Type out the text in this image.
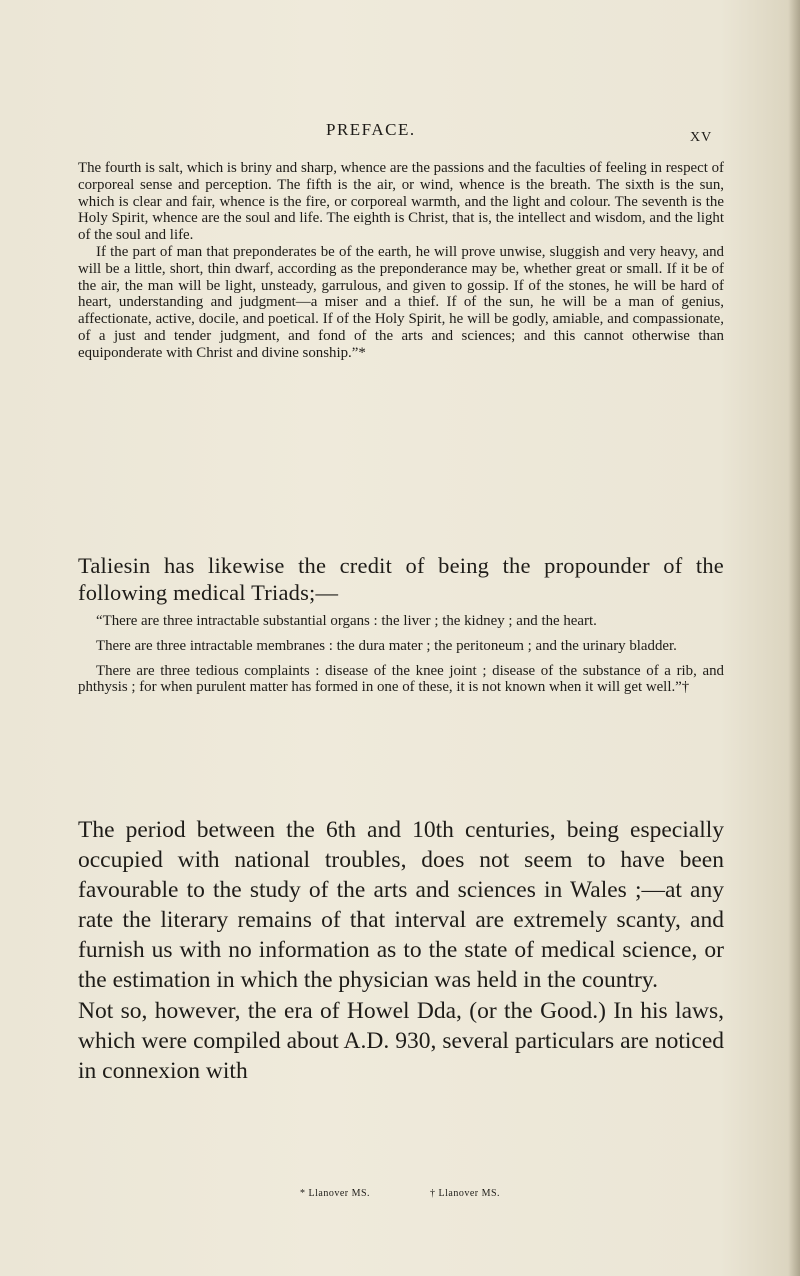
PREFACE.	XV

The fourth is salt, which is briny and sharp, whence are the passions and the faculties of feeling in respect of corporeal sense and perception. The fifth is the air, or wind, whence is the breath. The sixth is the sun, which is clear and fair, whence is the fire, or corporeal warmth, and the light and colour. The seventh is the Holy Spirit, whence are the soul and life. The eighth is Christ, that is, the intellect and wisdom, and the light of the soul and life.

If the part of man that preponderates be of the earth, he will prove unwise, sluggish and very heavy, and will be a little, short, thin dwarf, according as the preponderance may be, whether great or small. If it be of the air, the man will be light, unsteady, garrulous, and given to gossip. If of the stones, he will be hard of heart, understanding and judgment—a miser and a thief. If of the sun, he will be a man of genius, affectionate, active, docile, and poetical. If of the Holy Spirit, he will be godly, amiable, and compassionate, of a just and tender judgment, and fond of the arts and sciences; and this cannot otherwise than equiponderate with Christ and divine sonship.”*

Taliesin has likewise the credit of being the propounder of the following medical Triads;—

“There are three intractable substantial organs : the liver ; the kidney ; and the heart.

There are three intractable membranes : the dura mater ; the peritoneum ; and the urinary bladder.

There are three tedious complaints : disease of the knee joint ; disease of the substance of a rib, and phthysis ; for when purulent matter has formed in one of these, it is not known when it will get well.”†

The period between the 6th and 10th centuries, being especially occupied with national troubles, does not seem to have been favourable to the study of the arts and sciences in Wales ;—at any rate the literary remains of that interval are extremely scanty, and furnish us with no information as to the state of medical science, or the estimation in which the physician was held in the country.

Not so, however, the era of Howel Dda, (or the Good.) In his laws, which were compiled about A.D. 930, several particulars are noticed in connexion with

* Llanover MS.	† Llanover MS.
